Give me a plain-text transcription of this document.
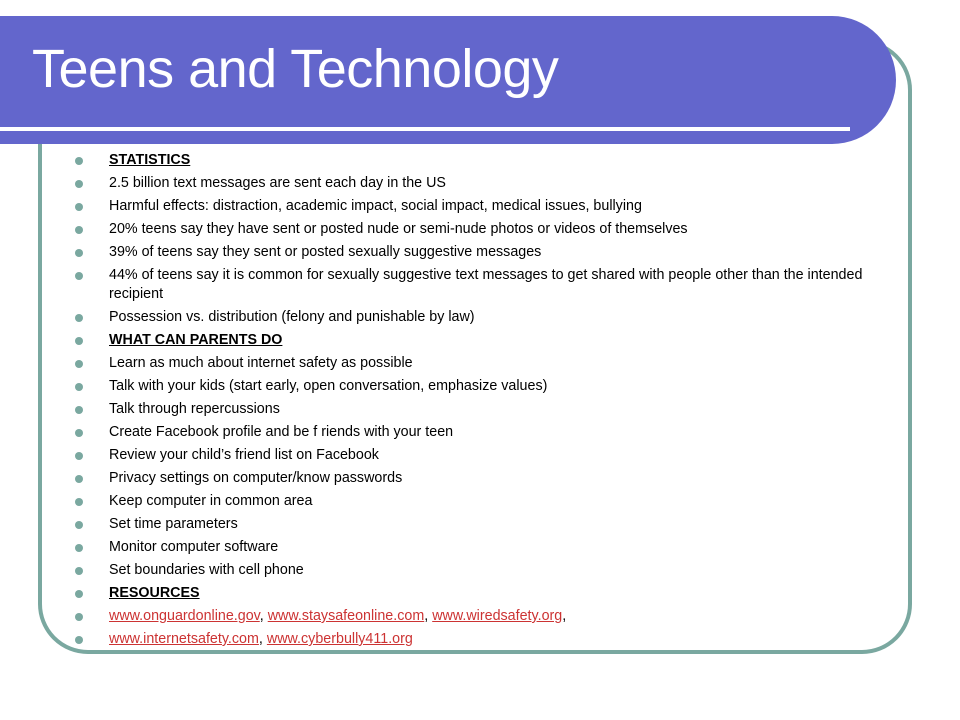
Teens and Technology
STATISTICS
2.5 billion text messages are sent each day in the US
Harmful effects: distraction, academic impact, social impact, medical issues, bullying
20% teens say they have sent or posted nude or semi-nude photos or videos of themselves
39% of teens say they sent or posted sexually suggestive messages
44% of teens say it is common for sexually suggestive text messages to get shared with people other than the intended recipient
Possession vs. distribution (felony and punishable by law)
WHAT CAN PARENTS DO
Learn as much about internet safety as possible
Talk with your kids (start early, open conversation, emphasize values)
Talk through repercussions
Create Facebook profile and be f riends with your teen
Review your child’s friend list on Facebook
Privacy settings on computer/know passwords
Keep computer in common area
Set time parameters
Monitor computer software
Set boundaries with cell phone
RESOURCES
www.onguardonline.gov, www.staysafeonline.com, www.wiredsafety.org,
www.internetsafety.com, www.cyberbully411.org
